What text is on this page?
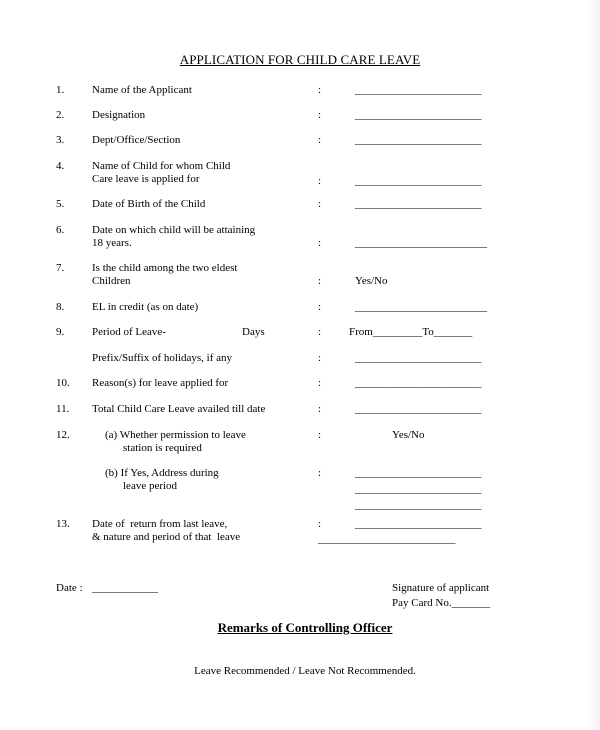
APPLICATION FOR CHILD CARE LEAVE
1.	Name of the Applicant	:	_______________________
2.	Designation	:	_______________________
3.	Dept/Office/Section	:	_______________________
4.	Name of Child for whom Child
Care leave is applied for	:	_______________________
5.	Date of Birth of the Child	:	_______________________
6.	Date on which child will be attaining
18 years.	:	________________________
7.	Is the child among the two eldest
Children	:	Yes/No
8.	EL in credit (as on date)	:	________________________
9.	Period of Leave-	Days	:	From_________To_______
Prefix/Suffix of holidays, if any	:	_______________________
10. Reason(s) for leave applied for	:	_______________________
11. Total Child Care Leave availed till date	:	_______________________
12.	(a) Whether permission to leave
station is required
:	Yes/No
(b) If Yes, Address during
leave period
:	_______________________
_______________________
_______________________
13. Date of  return from last leave,
& nature and period of that  leave
:	_______________________
_________________________
Date : ____________	Signature of applicant
Pay Card No._______
Remarks of Controlling Officer
Leave Recommended / Leave Not Recommended.
